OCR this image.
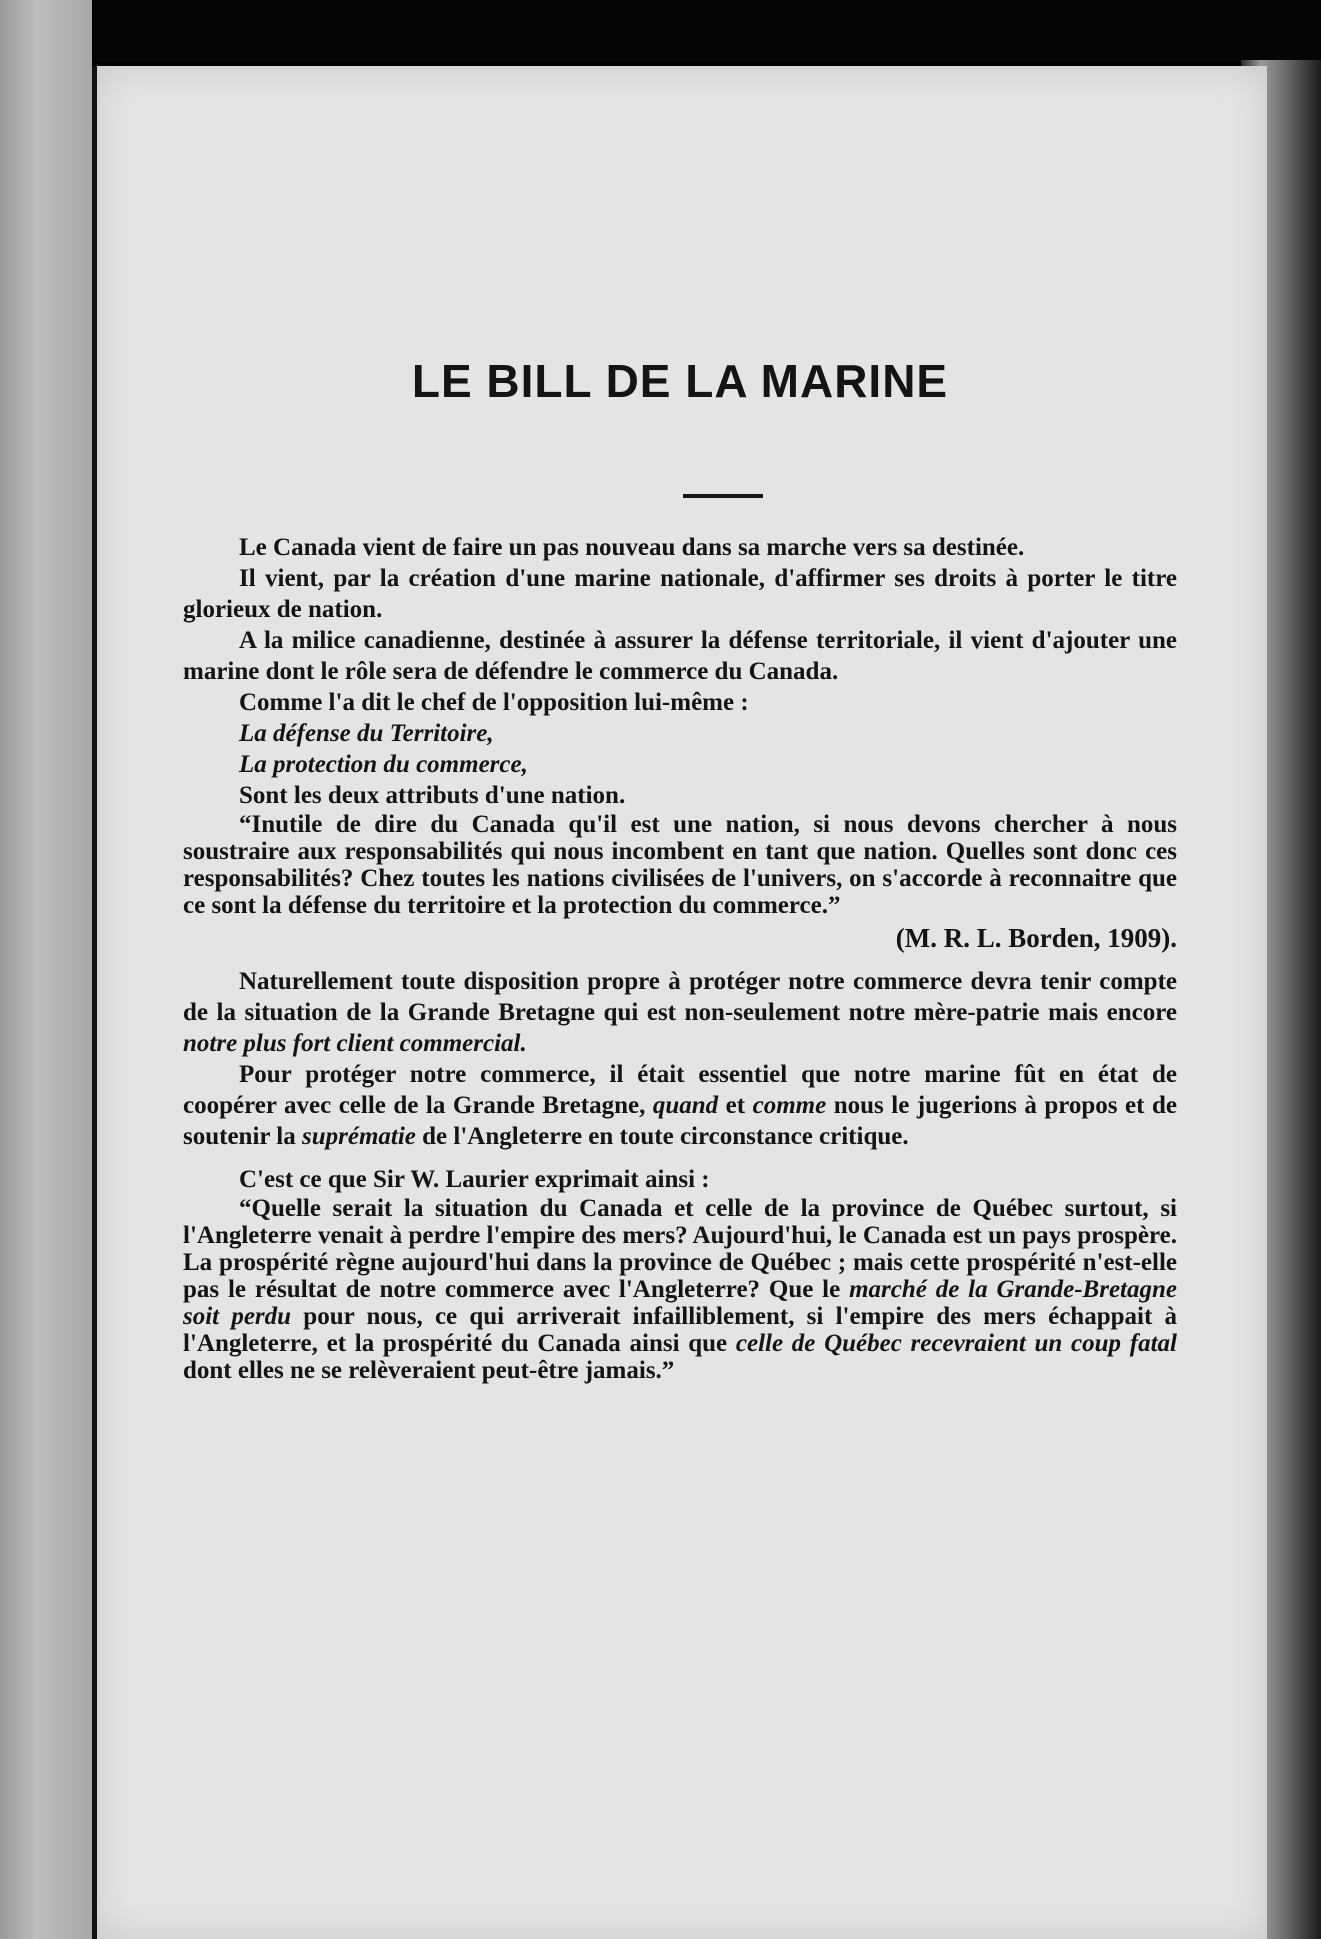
LE BILL DE LA MARINE

Le Canada vient de faire un pas nouveau dans sa marche vers sa destinée.

Il vient, par la création d'une marine nationale, d'affirmer ses droits à porter le titre glorieux de nation.

A la milice canadienne, destinée à assurer la défense territoriale, il vient d'ajouter une marine dont le rôle sera de défendre le commerce du Canada.

Comme l'a dit le chef de l'opposition lui-même :

La défense du Territoire,
La protection du commerce,
Sont les deux attributs d'une nation.

“Inutile de dire du Canada qu'il est une nation, si nous devons chercher à nous soustraire aux responsabilités qui nous incombent en tant que nation. Quelles sont donc ces responsabilités? Chez toutes les nations civilisées de l'univers, on s'accorde à reconnaitre que ce sont la défense du territoire et la protection du commerce.”

(M. R. L. Borden, 1909).

Naturellement toute disposition propre à protéger notre commerce devra tenir compte de la situation de la Grande Bretagne qui est non-seulement notre mère-patrie mais encore notre plus fort client commercial.

Pour protéger notre commerce, il était essentiel que notre marine fût en état de coopérer avec celle de la Grande Bretagne, quand et comme nous le jugerions à propos et de soutenir la suprématie de l'Angleterre en toute circonstance critique.

C'est ce que Sir W. Laurier exprimait ainsi :

“Quelle serait la situation du Canada et celle de la province de Québec surtout, si l'Angleterre venait à perdre l'empire des mers? Aujourd'hui, le Canada est un pays prospère. La prospérité règne aujourd'hui dans la province de Québec ; mais cette prospérité n'est-elle pas le résultat de notre commerce avec l'Angleterre? Que le marché de la Grande-Bretagne soit perdu pour nous, ce qui arriverait infailliblement, si l'empire des mers échappait à l'Angleterre, et la prospérité du Canada ainsi que celle de Québec recevraient un coup fatal dont elles ne se relèveraient peut-être jamais.”
